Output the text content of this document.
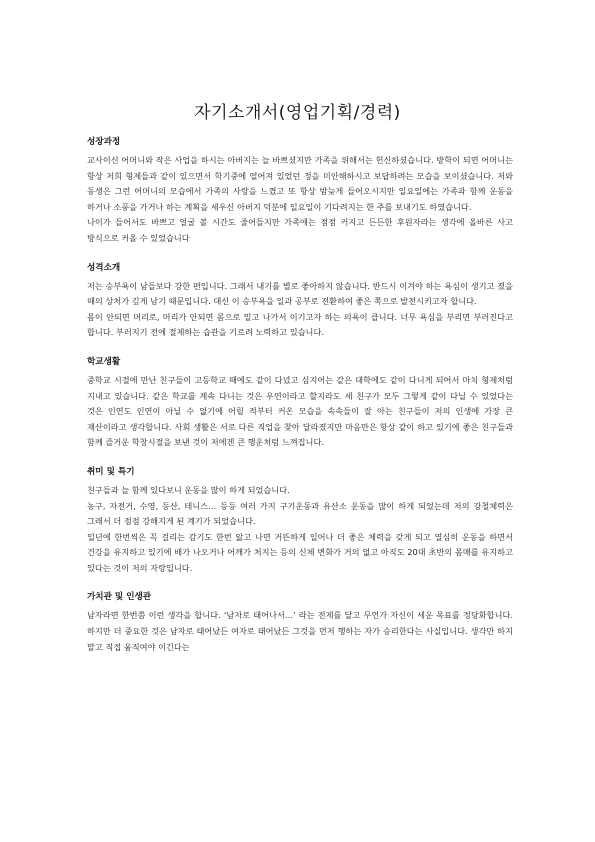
자기소개서(영업기획/경력)
성장과정

교사이신 어머니와 작은 사업을 하시는 아버지는 늘 바쁘셨지만 가족을 위해서는 헌신하셨습니다. 방학이 되면 어머니는 항상 저희 형제들과 같이 있으면서 학기중에 떨어져 있었던 정을 미안해하시고 보답하려는 모습을 보이셨습니다. 저와 동생은 그런 어머니의 모습에서 가족의 사랑을 느꼈고 또 항상 밤늦게 들어오시지만 일요일에는 가족과 함께 운동을 하거나 소풍을 가거나 하는 계획을 세우신 아버지 덕분에 일요일이 기다려지는 한 주를 보내기도 하였습니다.

나이가 들어서도 바쁘고 얼굴 볼 시간도 줄어들지만 가족애는 점점 커지고 든든한 후원자라는 생각에 올바른 사고 방식으로 커올 수 있었습니다

성격소개

저는 승부욕이 남들보다 강한 편입니다. 그래서 내기를 별로 좋아하지 않습니다. 반드시 이겨야 하는 욕심이 생기고 졌을 때의 상처가 깊게 남기 때문입니다. 대신 이 승부욕을 일과 공부로 전환하여 좋은 쪽으로 발전시키고자 합니다.

몸이 안되면 머리로, 머리가 안되면 몸으로 밀고 나가서 이기고자 하는 의욕이 큽니다. 너무 욕심을 부리면 부러진다고 합니다. 부러지기 전에 절제하는 습관을 기르려 노력하고 있습니다.

학교생활

중학교 시절에 만난 친구들이 고등학교 때에도 같이 다녔고 심지어는 같은 대학에도 같이 다니게 되어서 마치 형제처럼 지내고 있습니다. 같은 학교를 계속 다니는 것은 우연이라고 할지라도 세 친구가 모두 그렇게 같이 다닐 수 있었다는 것은 인연도 인연이 아닐 수 없기에 어릴 적부터 커온 모습을 속속들이 잘 아는 친구들이 저의 인생에 가장 큰 재산이라고 생각합니다. 사회 생활은 서로 다른 직업을 찾아 달라졌지만 마음만은 항상 같이 하고 있기에 좋은 친구들과 함께 즐거운 학창시절을 보낸 것이 저에겐 큰 행운처럼 느껴집니다.

취미 및 특기

친구들과 늘 함께 있다보니 운동을 많이 하게 되었습니다.

농구, 자전거, 수영, 등산, 테니스… 등등 여러 가지 구기운동과 유산소 운동을 많이 하게 되었는데 저의 강철체력은 그래서 더 점점 강해지게 된 계기가 되었습니다.

일년에 한번씩은 꼭 걸리는 감기도 한번 앓고 나면 거뜬하게 일어나 더 좋은 체력을 갖게 되고 열심히 운동을 하면서 건강을 유지하고 있기에 배가 나오거나 어깨가 처지는 등의 신체 변화가 거의 없고 아직도 20대 초반의 몸매를 유지하고 있다는 것이 저의 자랑입니다.

가치관 및 인생관

남자라면 한번쯤 이런 생각을 합니다. ‘남자로 태어나서…’ 라는 전제를 달고 무언가 자신이 세운 목표를 정당화합니다. 하지만 더 중요한 것은 남자로 태어났든 여자로 태어났든 그것을 먼저 행하는 자가 승리한다는 사실입니다. 생각만 하지 말고 직접 움직여야 이긴다는
